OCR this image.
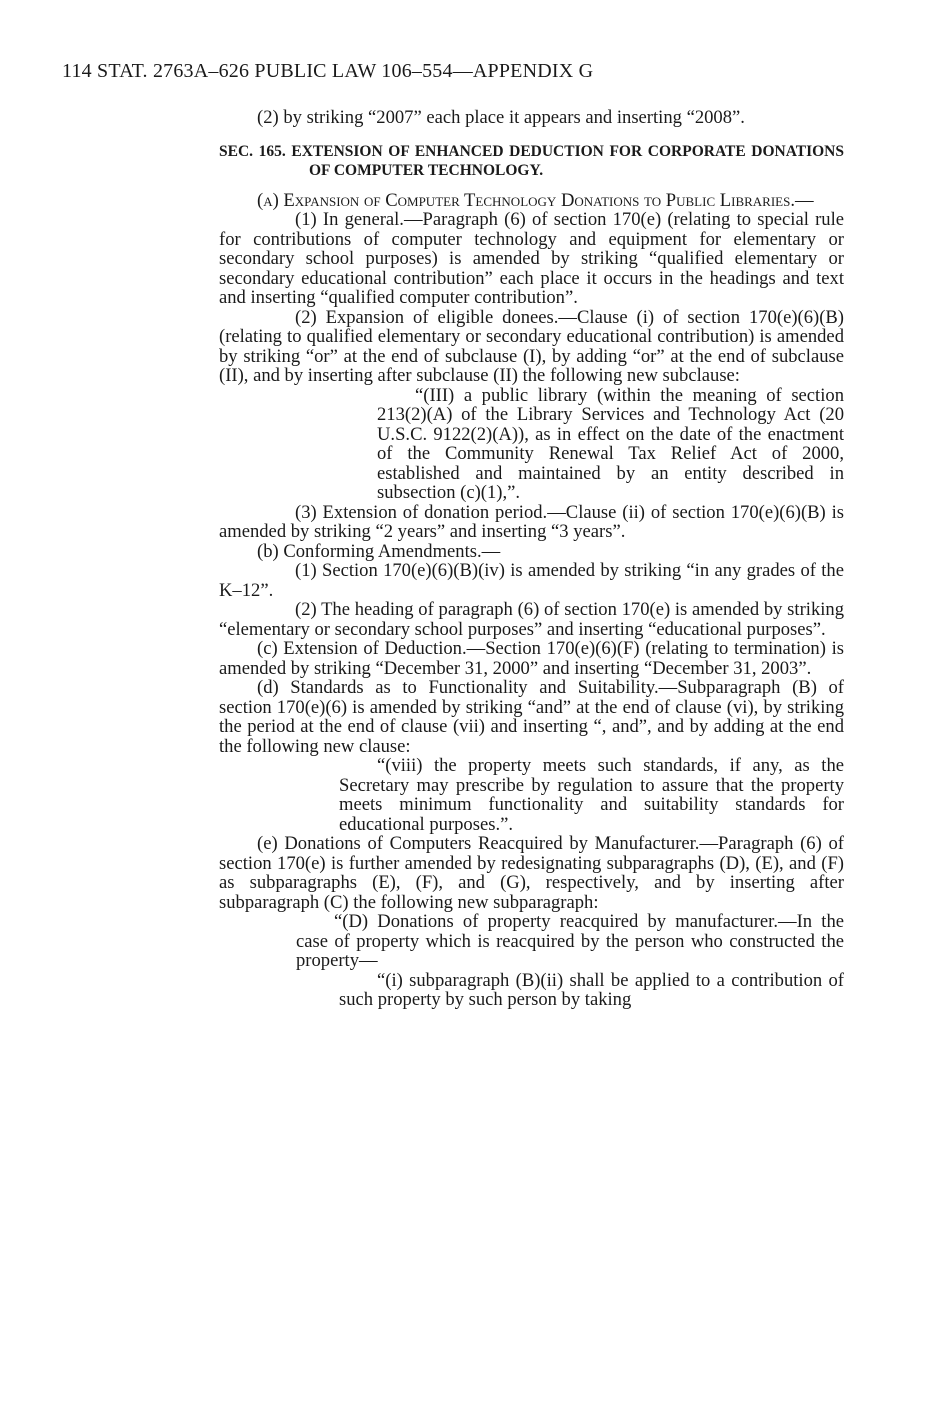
114 STAT. 2763A–626 PUBLIC LAW 106–554—APPENDIX G

(2) by striking “2007” each place it appears and inserting “2008”.

SEC. 165. EXTENSION OF ENHANCED DEDUCTION FOR CORPORATE DONATIONS OF COMPUTER TECHNOLOGY.

(a) Expansion of Computer Technology Donations to Public Libraries.—

(1) In general.—Paragraph (6) of section 170(e) (relating to special rule for contributions of computer technology and equipment for elementary or secondary school purposes) is amended by striking “qualified elementary or secondary educational contribution” each place it occurs in the headings and text and inserting “qualified computer contribution”.

(2) Expansion of eligible donees.—Clause (i) of section 170(e)(6)(B) (relating to qualified elementary or secondary educational contribution) is amended by striking “or” at the end of subclause (I), by adding “or” at the end of subclause (II), and by inserting after subclause (II) the following new subclause:

“(III) a public library (within the meaning of section 213(2)(A) of the Library Services and Technology Act (20 U.S.C. 9122(2)(A)), as in effect on the date of the enactment of the Community Renewal Tax Relief Act of 2000, established and maintained by an entity described in subsection (c)(1),”.

(3) Extension of donation period.—Clause (ii) of section 170(e)(6)(B) is amended by striking “2 years” and inserting “3 years”.

(b) Conforming Amendments.—

(1) Section 170(e)(6)(B)(iv) is amended by striking “in any grades of the K–12”.

(2) The heading of paragraph (6) of section 170(e) is amended by striking “elementary or secondary school purposes” and inserting “educational purposes”.

(c) Extension of Deduction.—Section 170(e)(6)(F) (relating to termination) is amended by striking “December 31, 2000” and inserting “December 31, 2003”.

(d) Standards as to Functionality and Suitability.—Subparagraph (B) of section 170(e)(6) is amended by striking “and” at the end of clause (vi), by striking the period at the end of clause (vii) and inserting “, and”, and by adding at the end the following new clause:

“(viii) the property meets such standards, if any, as the Secretary may prescribe by regulation to assure that the property meets minimum functionality and suitability standards for educational purposes.”.

(e) Donations of Computers Reacquired by Manufacturer.—Paragraph (6) of section 170(e) is further amended by redesignating subparagraphs (D), (E), and (F) as subparagraphs (E), (F), and (G), respectively, and by inserting after subparagraph (C) the following new subparagraph:

“(D) Donations of property reacquired by manufacturer.—In the case of property which is reacquired by the person who constructed the property—

“(i) subparagraph (B)(ii) shall be applied to a contribution of such property by such person by taking
